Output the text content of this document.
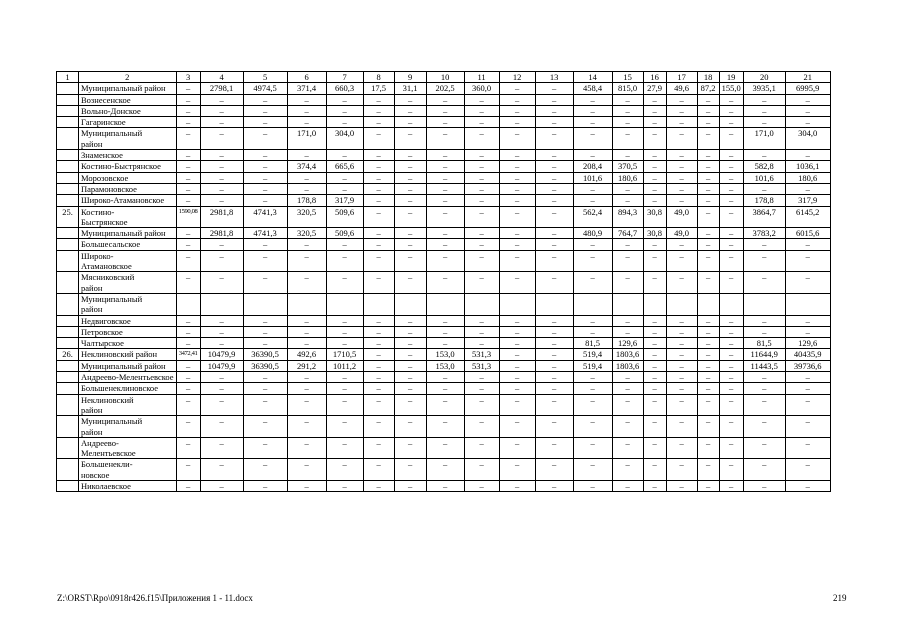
1	2	3	4	5	6	7	8	9	10	11	12	13	14	15	16	17	18	19	20	21
	Муниципальный район	–	2798,1	4974,5	371,4	660,3	17,5	31,1	202,5	360,0	–	–	458,4	815,0	27,9	49,6	87,2	155,0	3935,1	6995,9
	Вознесенское	–	–	–	–	–	–	–	–	–	–	–	–	–	–	–	–	–	–	–
	Вольно-Донское	–	–	–	–	–	–	–	–	–	–	–	–	–	–	–	–	–	–	–
	Гагаринское	–	–	–	–	–	–	–	–	–	–	–	–	–	–	–	–	–	–	–
	Муниципальный
район	–	–	–	171,0	304,0	–	–	–	–	–	–	–	–	–	–	–	–	171,0	304,0
	Знаменское	–	–	–	–	–	–	–	–	–	–	–	–	–	–	–	–	–	–	–
	Костино-Быстрянское	–	–	–	374,4	665,6	–	–	–	–	–	–	208,4	370,5	–	–	–	–	582,8	1036,1
	Морозовское	–	–	–	–	–	–	–	–	–	–	–	101,6	180,6	–	–	–	–	101,6	180,6
	Парамоновское	–	–	–	–	–	–	–	–	–	–	–	–	–	–	–	–	–	–	–
	Широко-Атамановское	–	–	–	178,8	317,9	–	–	–	–	–	–	–	–	–	–	–	–	178,8	317,9
25.	Костино-
Быстрянское	1590,08	2981,8	4741,3	320,5	509,6	–	–	–	–	–	–	562,4	894,3	30,8	49,0	–	–	3864,7	6145,2
	Муниципальный район	–	2981,8	4741,3	320,5	509,6	–	–	–	–	–	–	480,9	764,7	30,8	49,0	–	–	3783,2	6015,6
	Большесальское	–	–	–	–	–	–	–	–	–	–	–	–	–	–	–	–	–	–	–
	Широко-
Атамановское	–	–	–	–	–	–	–	–	–	–	–	–	–	–	–	–	–	–	–
	Мясниковский
район	–	–	–	–	–	–	–	–	–	–	–	–	–	–	–	–	–	–	–
	Муниципальный
район																			
	Недвиговское	–	–	–	–	–	–	–	–	–	–	–	–	–	–	–	–	–	–	–
	Петровское	–	–	–	–	–	–	–	–	–	–	–	–	–	–	–	–	–	–	–
	Чалтырское	–	–	–	–	–	–	–	–	–	–	–	81,5	129,6	–	–	–	–	81,5	129,6
26.	Неклиновский район	3472,41	10479,9	36390,5	492,6	1710,5	–	–	153,0	531,3	–	–	519,4	1803,6	–	–	–	–	11644,9	40435,9
	Муниципальный район	–	10479,9	36390,5	291,2	1011,2	–	–	153,0	531,3	–	–	519,4	1803,6	–	–	–	–	11443,5	39736,6
	Андреево-Мелентьевское	–	–	–	–	–	–	–	–	–	–	–	–	–	–	–	–	–	–	–
	Большенеклиновское	–	–	–	–	–	–	–	–	–	–	–	–	–	–	–	–	–	–	–
	Неклиновский
район	–	–	–	–	–	–	–	–	–	–	–	–	–	–	–	–	–	–	–
	Муниципальный
район	–	–	–	–	–	–	–	–	–	–	–	–	–	–	–	–	–	–	–
	Андреево-
Мелентьевское	–	–	–	–	–	–	–	–	–	–	–	–	–	–	–	–	–	–	–
	Большенекли-
новское	–	–	–	–	–	–	–	–	–	–	–	–	–	–	–	–	–	–	–
	Николаевское	–	–	–	–	–	–	–	–	–	–	–	–	–	–	–	–	–	–	–
Z:\ORST\Rpo\0918r426.f15\Приложения 1 - 11.docx	219
